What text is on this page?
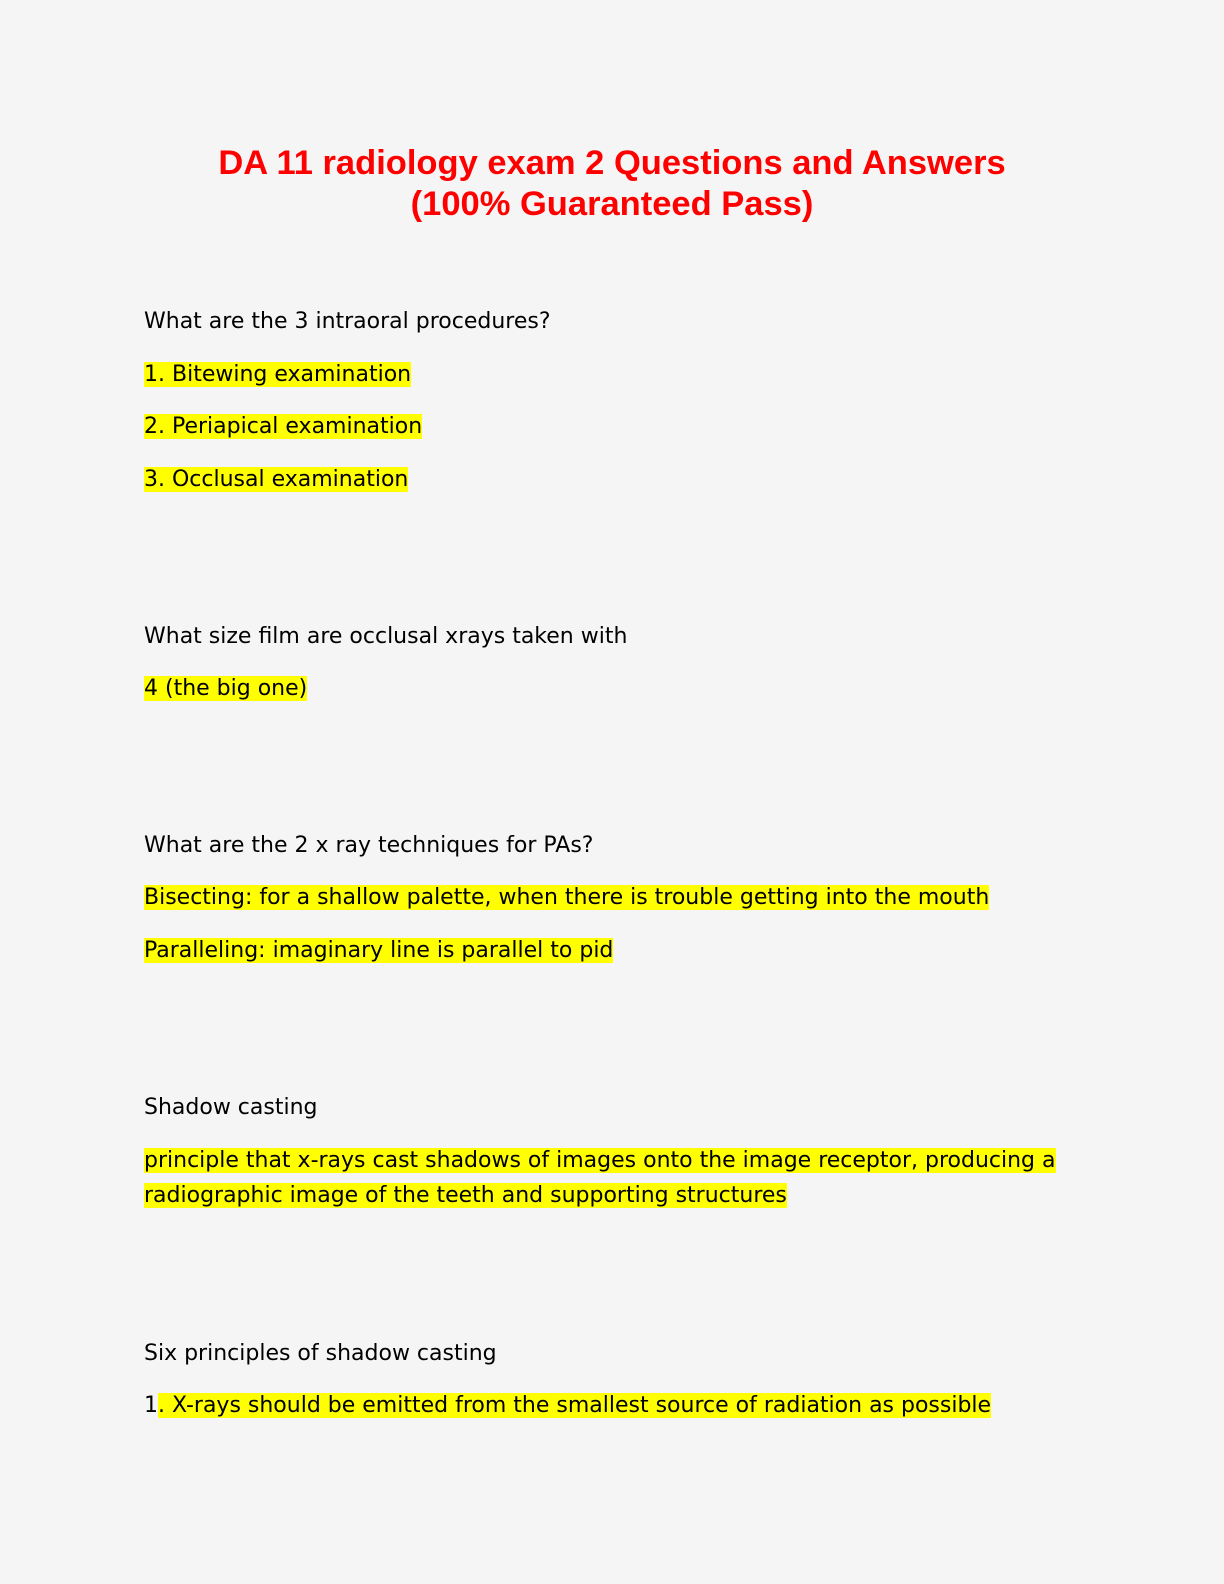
DA 11 radiology exam 2 Questions and Answers
(100% Guaranteed Pass)

What are the 3 intraoral procedures?

1. Bitewing examination

2. Periapical examination

3. Occlusal examination

What size film are occlusal xrays taken with

4 (the big one)

What are the 2 x ray techniques for PAs?

Bisecting: for a shallow palette, when there is trouble getting into the mouth

Paralleling: imaginary line is parallel to pid

Shadow casting

principle that x-rays cast shadows of images onto the image receptor, producing a

radiographic image of the teeth and supporting structures

Six principles of shadow casting

1. X-rays should be emitted from the smallest source of radiation as possible
